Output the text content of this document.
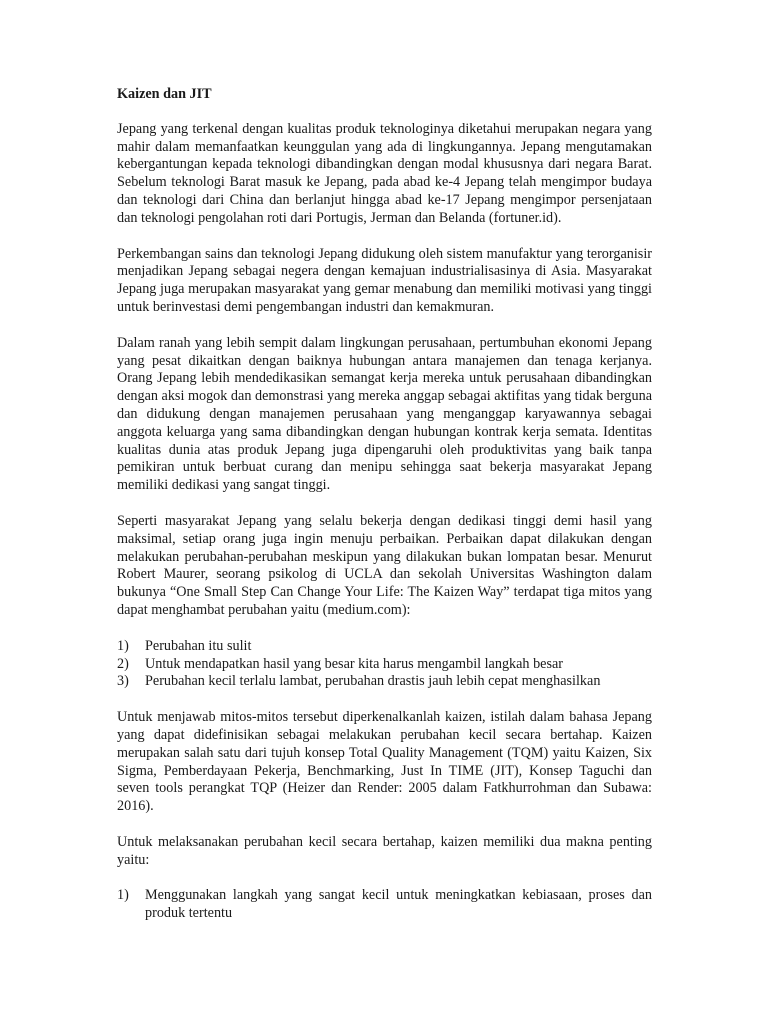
Kaizen dan JIT

Jepang yang terkenal dengan kualitas produk teknologinya diketahui merupakan negara yang mahir dalam memanfaatkan keunggulan yang ada di lingkungannya. Jepang mengutamakan kebergantungan kepada teknologi dibandingkan dengan modal khususnya dari negara Barat. Sebelum teknologi Barat masuk ke Jepang, pada abad ke-4 Jepang telah mengimpor budaya dan teknologi dari China dan berlanjut hingga abad ke-17 Jepang mengimpor persenjataan dan teknologi pengolahan roti dari Portugis, Jerman dan Belanda (fortuner.id).

Perkembangan sains dan teknologi Jepang didukung oleh sistem manufaktur yang terorganisir menjadikan Jepang sebagai negera dengan kemajuan industrialisasinya di Asia. Masyarakat Jepang juga merupakan masyarakat yang gemar menabung dan memiliki motivasi yang tinggi untuk berinvestasi demi pengembangan industri dan kemakmuran.

Dalam ranah yang lebih sempit dalam lingkungan perusahaan, pertumbuhan ekonomi Jepang yang pesat dikaitkan dengan baiknya hubungan antara manajemen dan tenaga kerjanya. Orang Jepang lebih mendedikasikan semangat kerja mereka untuk perusahaan dibandingkan dengan aksi mogok dan demonstrasi yang mereka anggap sebagai aktifitas yang tidak berguna dan didukung dengan manajemen perusahaan yang menganggap karyawannya sebagai anggota keluarga yang sama dibandingkan dengan hubungan kontrak kerja semata. Identitas kualitas dunia atas produk Jepang juga dipengaruhi oleh produktivitas yang baik tanpa pemikiran untuk berbuat curang dan menipu sehingga saat bekerja masyarakat Jepang memiliki dedikasi yang sangat tinggi.

Seperti masyarakat Jepang yang selalu bekerja dengan dedikasi tinggi demi hasil yang maksimal, setiap orang juga ingin menuju perbaikan. Perbaikan dapat dilakukan dengan melakukan perubahan-perubahan meskipun yang dilakukan bukan lompatan besar. Menurut Robert Maurer, seorang psikolog di UCLA dan sekolah Universitas Washington dalam bukunya “One Small Step Can Change Your Life: The Kaizen Way” terdapat tiga mitos yang dapat menghambat perubahan yaitu (medium.com):

1)	Perubahan itu sulit
2)	Untuk mendapatkan hasil yang besar kita harus mengambil langkah besar
3)	Perubahan kecil terlalu lambat, perubahan drastis jauh lebih cepat menghasilkan

Untuk menjawab mitos-mitos tersebut diperkenalkanlah kaizen, istilah dalam bahasa Jepang yang dapat didefinisikan sebagai melakukan perubahan kecil secara bertahap. Kaizen merupakan salah satu dari tujuh konsep Total Quality Management (TQM) yaitu Kaizen, Six Sigma, Pemberdayaan Pekerja, Benchmarking, Just In TIME (JIT), Konsep Taguchi dan seven tools perangkat TQP (Heizer dan Render: 2005 dalam Fatkhurrohman dan Subawa: 2016).

Untuk melaksanakan perubahan kecil secara bertahap, kaizen memiliki dua makna penting yaitu:

1)	Menggunakan langkah yang sangat kecil untuk meningkatkan kebiasaan, proses dan produk tertentu
